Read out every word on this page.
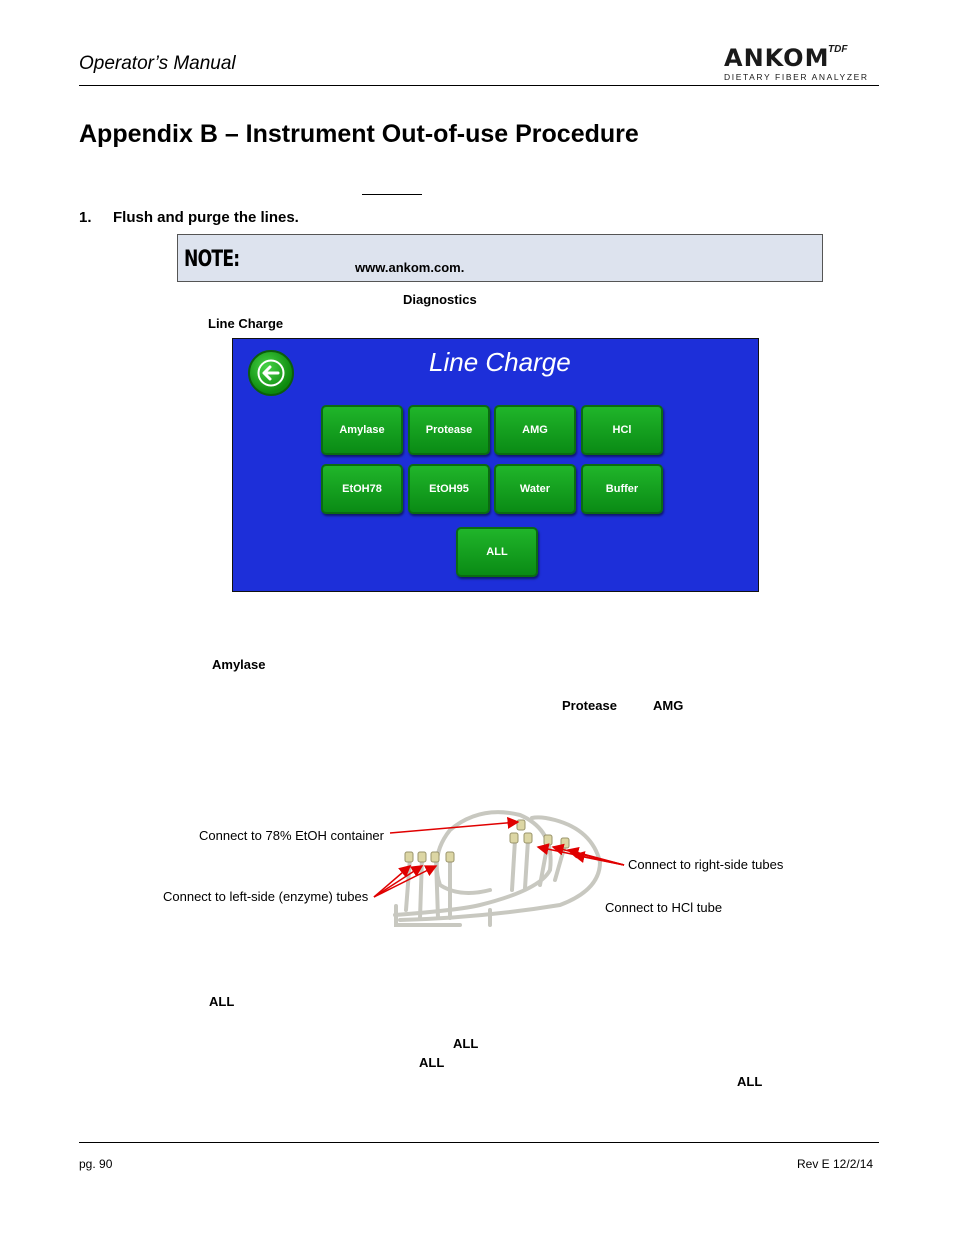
Operator’s Manual	ANKOM
TDF
DIETARY FIBER ANALYZER
Appendix B – Instrument Out-of-use Procedure
1. Flush and purge the lines.
NOTE:	www.ankom.com.
Diagnostics
Line Charge
Line Charge
Amylase	Protease	AMG	HCl
EtOH78	EtOH95	Water	Buffer
ALL
Amylase
Protease	AMG
Connect to 78% EtOH container
Connect to right-side tubes
Connect to left-side (enzyme) tubes
Connect to HCl tube
ALL
ALL
ALL
ALL
pg. 90	Rev E 12/2/14
